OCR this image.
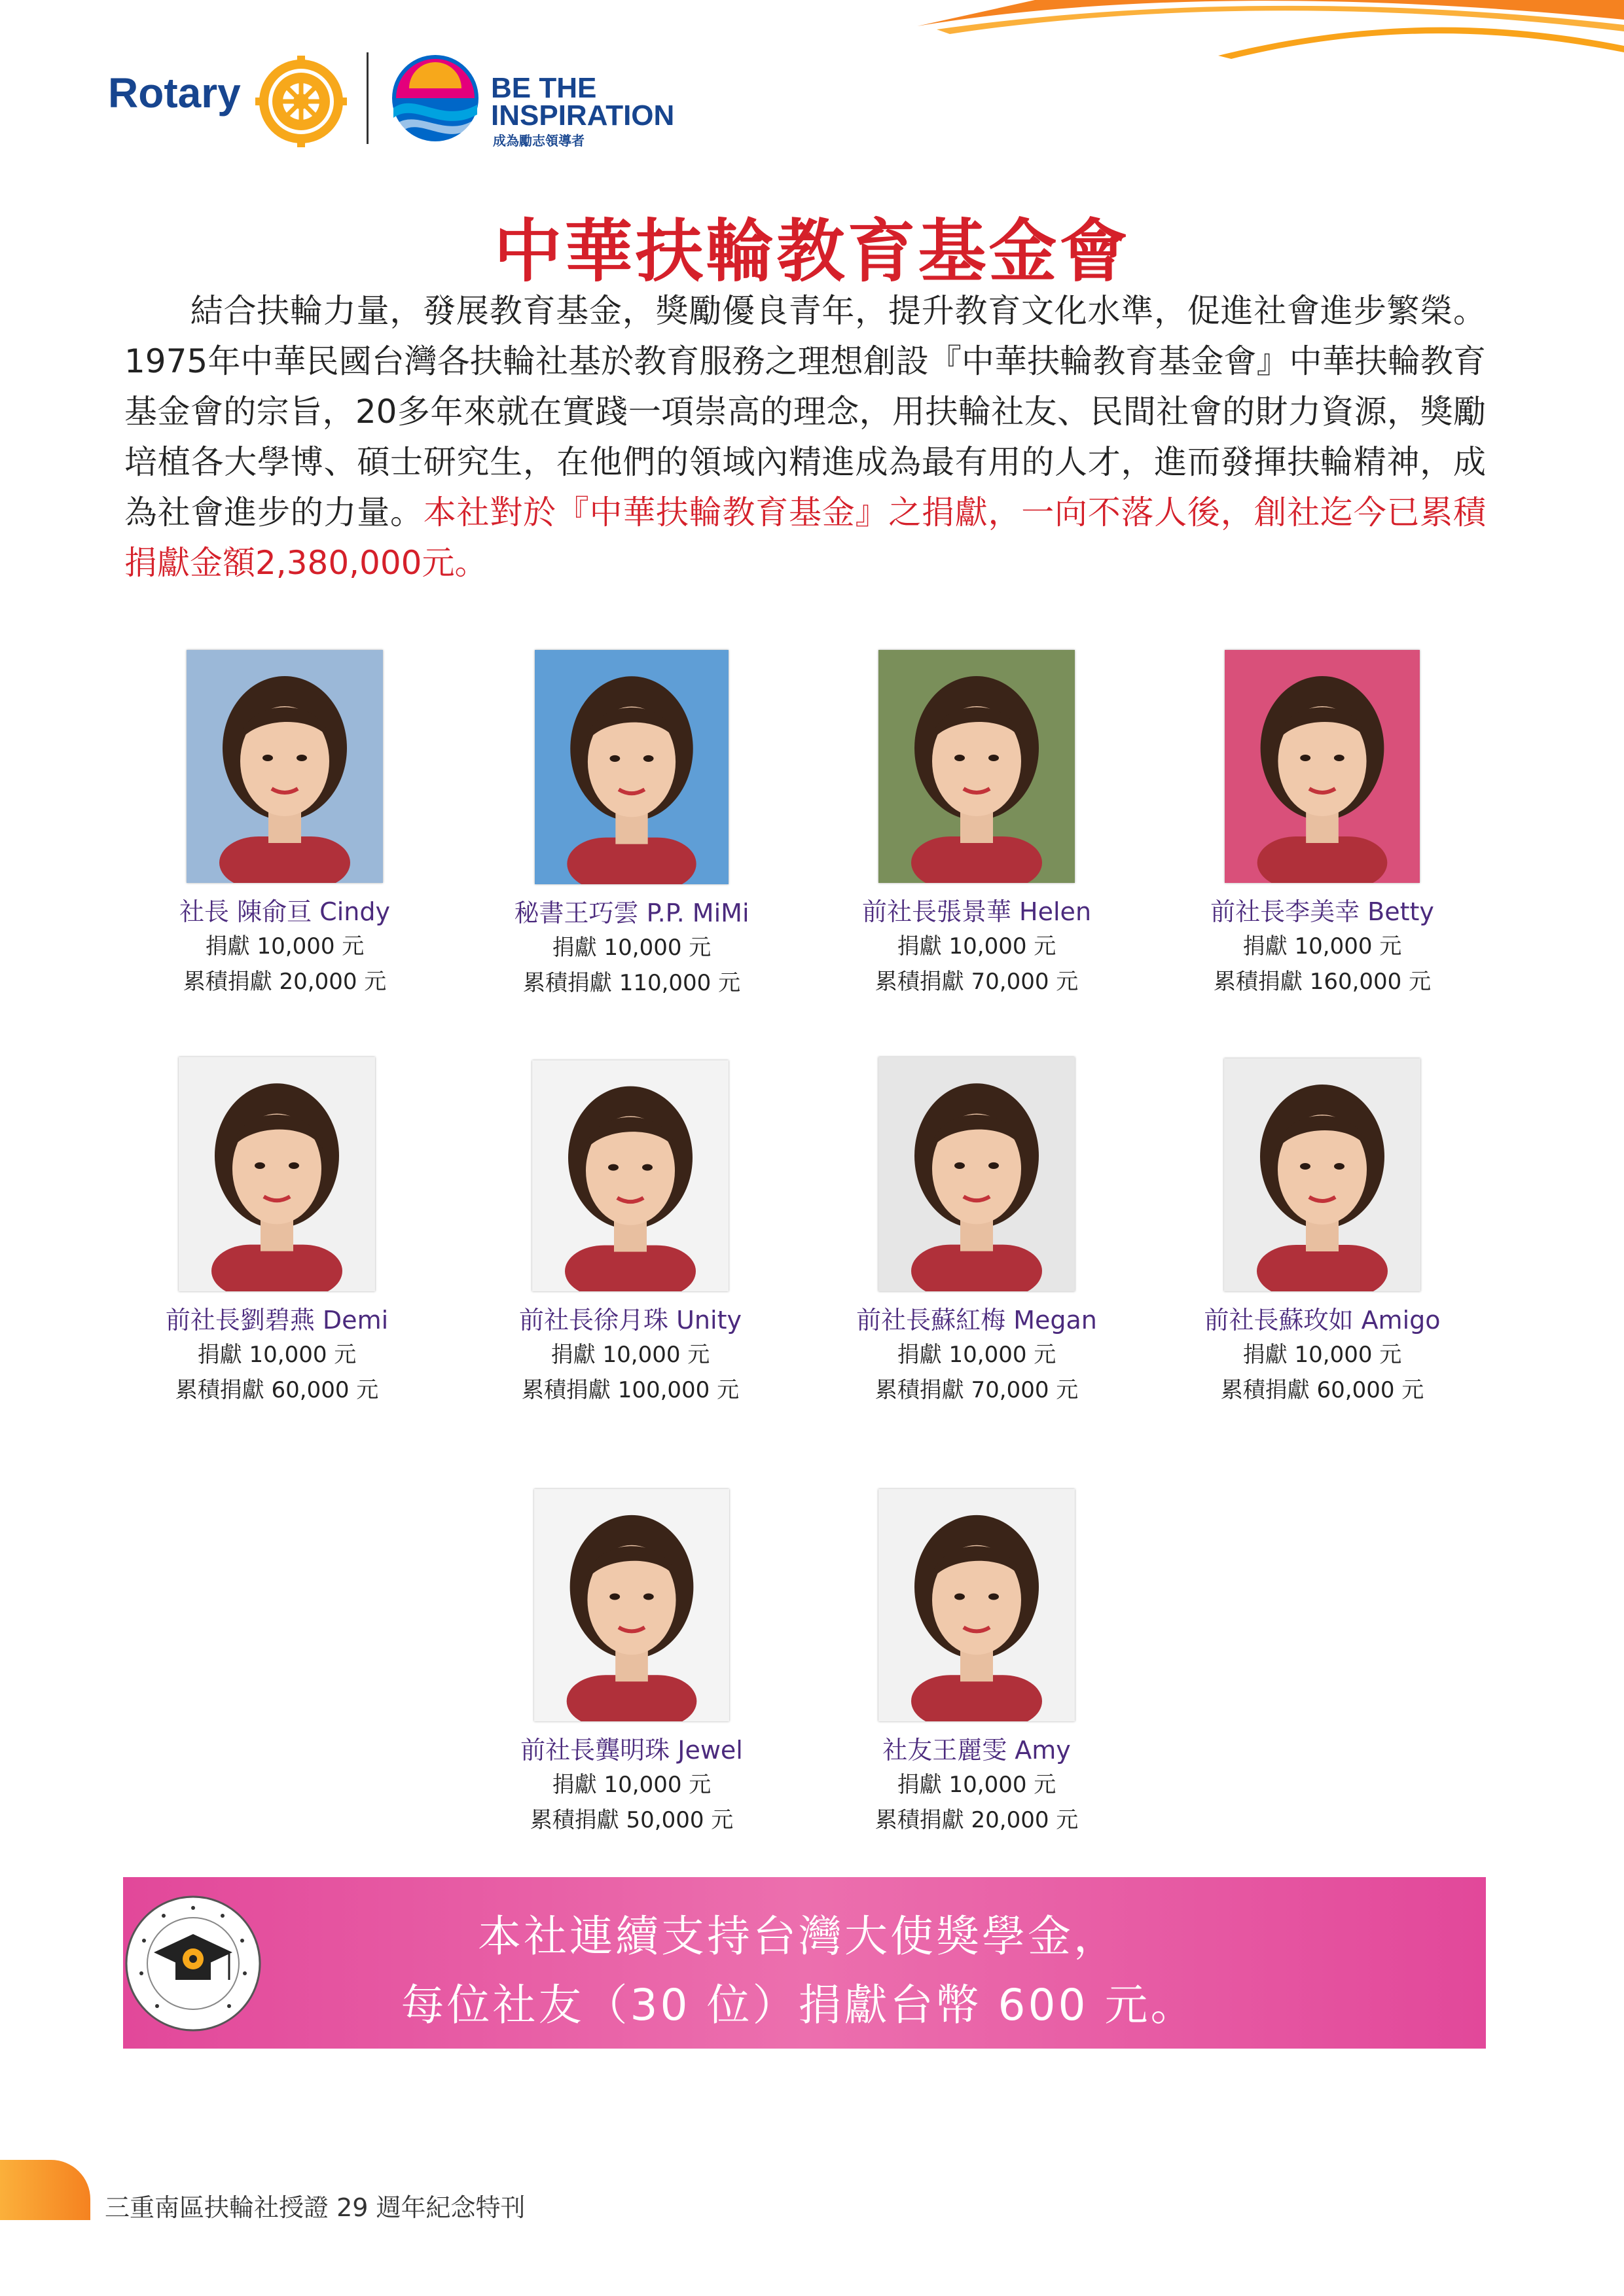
Rotary	BE THE
INSPIRATION
成為勵志領導者
中華扶輪教育基金會
結合扶輪力量，發展教育基金，獎勵優良青年，提升教育文化水準，促進社會進步繁榮。1975年中華民國台灣各扶輪社基於教育服務之理想創設『中華扶輪教育基金會』中華扶輪教育基金會的宗旨，20多年來就在實踐一項崇高的理念，用扶輪社友、民間社會的財力資源，獎勵培植各大學博、碩士研究生，在他們的領域內精進成為最有用的人才，進而發揮扶輪精神，成為社會進步的力量。本社對於『中華扶輪教育基金』之捐獻，一向不落人後，創社迄今已累積捐獻金額2,380,000元。
社長 陳俞亘 Cindy
捐獻 10,000 元
累積捐獻 20,000 元
秘書王巧雲 P.P. MiMi
捐獻 10,000 元
累積捐獻 110,000 元
前社長張景華 Helen
捐獻 10,000 元
累積捐獻 70,000 元
前社長李美幸 Betty
捐獻 10,000 元
累積捐獻 160,000 元
前社長劉碧燕 Demi
捐獻 10,000 元
累積捐獻 60,000 元
前社長徐月珠 Unity
捐獻 10,000 元
累積捐獻 100,000 元
前社長蘇紅梅 Megan
捐獻 10,000 元
累積捐獻 70,000 元
前社長蘇玫如 Amigo
捐獻 10,000 元
累積捐獻 60,000 元
前社長龔明珠 Jewel
捐獻 10,000 元
累積捐獻 50,000 元
社友王麗雯 Amy
捐獻 10,000 元
累積捐獻 20,000 元
本社連續支持台灣大使獎學金，
每位社友（30 位）捐獻台幣 600 元。
三重南區扶輪社授證 29 週年紀念特刊
